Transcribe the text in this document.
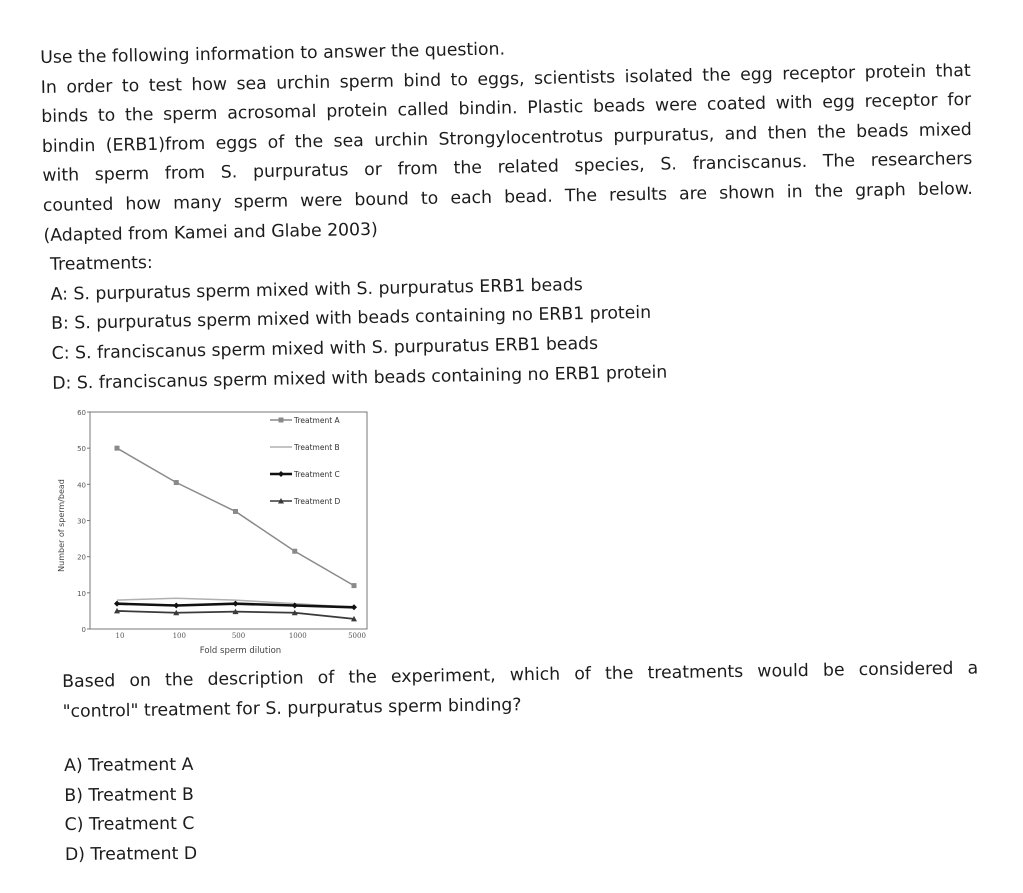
Use the following information to answer the question.
In order to test how sea urchin sperm bind to eggs, scientists isolated the egg receptor protein that
binds to the sperm acrosomal protein called bindin. Plastic beads were coated with egg receptor for
bindin (ERB1)from eggs of the sea urchin Strongylocentrotus purpuratus, and then the beads mixed
with sperm from S. purpuratus or from the related species, S. franciscanus. The researchers
counted how many sperm were bound to each bead. The results are shown in the graph below.
(Adapted from Kamei and Glabe 2003)
Treatments:
A: S. purpuratus sperm mixed with S. purpuratus ERB1 beads
B: S. purpuratus sperm mixed with beads containing no ERB1 protein
C: S. franciscanus sperm mixed with S. purpuratus ERB1 beads
D: S. franciscanus sperm mixed with beads containing no ERB1 protein
0
10
20
30
40
50
60
10	100	500	1000	5000
Fold sperm dilution
Number of sperm/bead
Treatment A
Treatment B
Treatment C
Treatment D
Based on the description of the experiment, which of the treatments would be considered a
"control" treatment for S. purpuratus sperm binding?
A) Treatment A
B) Treatment B
C) Treatment C
D) Treatment D
